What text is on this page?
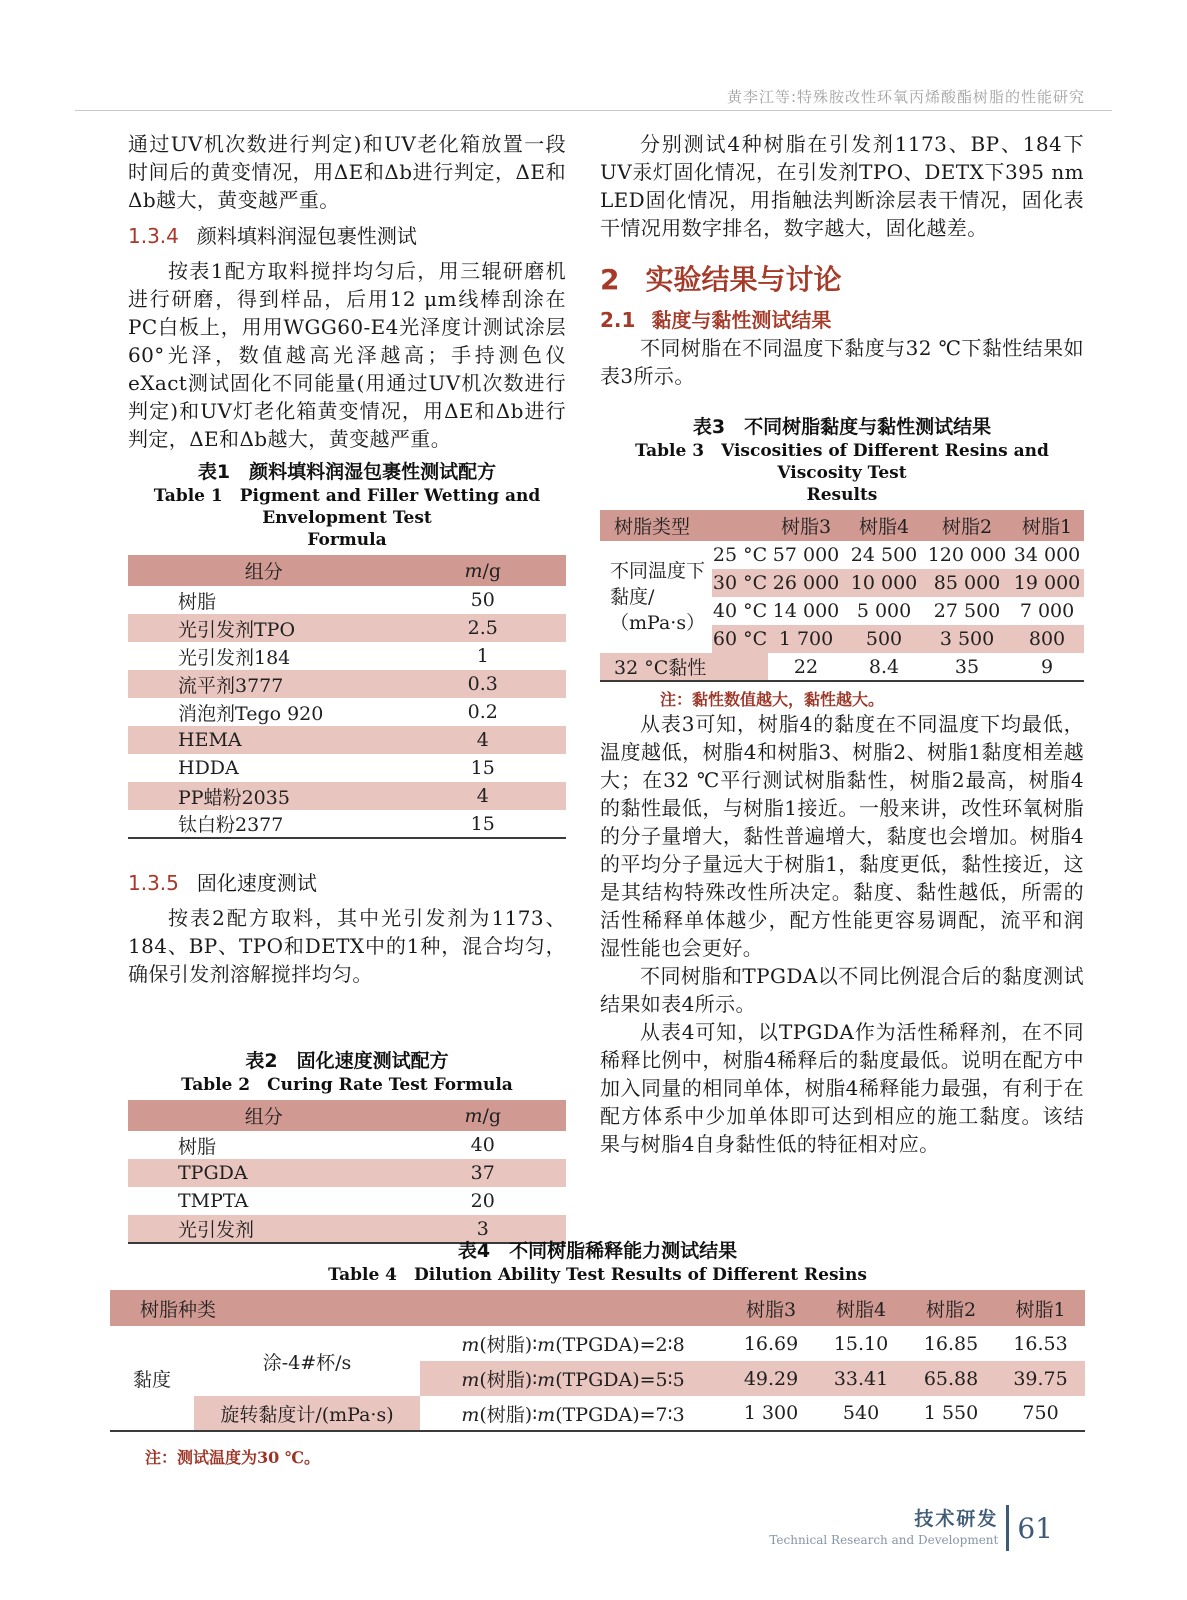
黄李江等:特殊胺改性环氧丙烯酸酯树脂的性能研究

通过UV机次数进行判定)和UV老化箱放置一段时间后的黄变情况，用ΔE和Δb进行判定，ΔE和Δb越大，黄变越严重。

1.3.4 颜料填料润湿包裹性测试

按表1配方取料搅拌均匀后，用三辊研磨机进行研磨，得到样品，后用12 μm线棒刮涂在PC白板上，用用WGG60-E4光泽度计测试涂层60°光泽，数值越高光泽越高；手持测色仪eXact测试固化不同能量(用通过UV机次数进行判定)和UV灯老化箱黄变情况，用ΔE和Δb进行判定，ΔE和Δb越大，黄变越严重。

表1　颜料填料润湿包裹性测试配方
Table 1　Pigment and Filler Wetting and Envelopment Test
Formula
组分	m/g
树脂	50
光引发剂TPO	2.5
光引发剂184	1
流平剂3777	0.3
消泡剂Tego 920	0.2
HEMA	4
HDDA	15
PP蜡粉2035	4
钛白粉2377	15
1.3.5 固化速度测试

按表2配方取料，其中光引发剂为1173、184、BP、TPO和DETX中的1种，混合均匀，确保引发剂溶解搅拌均匀。

表2　固化速度测试配方
Table 2　Curing Rate Test Formula
组分	m/g
树脂	40
TPGDA	37
TMPTA	20
光引发剂	3

分别测试4种树脂在引发剂1173、BP、184下UV汞灯固化情况，在引发剂TPO、DETX下395 nm LED固化情况，用指触法判断涂层表干情况，固化表干情况用数字排名，数字越大，固化越差。

2 实验结果与讨论
2.1 黏度与黏性测试结果

不同树脂在不同温度下黏度与32 ℃下黏性结果如表3所示。

表3　不同树脂黏度与黏性测试结果
Table 3　Viscosities of Different Resins and Viscosity Test
Results
树脂类型		树脂3	树脂4	树脂2	树脂1
不同温度下黏度/（mPa·s）	25 °C	57 000	24 500	120 000	34 000
	30 °C	26 000	10 000	85 000	19 000
	40 °C	14 000	5 000	27 500	7 000
	60 °C	1 700	500	3 500	800
32 °C黏性		22	8.4	35	9
注：黏性数值越大，黏性越大。

从表3可知，树脂4的黏度在不同温度下均最低，温度越低，树脂4和树脂3、树脂2、树脂1黏度相差越大；在32 ℃平行测试树脂黏性，树脂2最高，树脂4的黏性最低，与树脂1接近。一般来讲，改性环氧树脂的分子量增大，黏性普遍增大，黏度也会增加。树脂4的平均分子量远大于树脂1，黏度更低，黏性接近，这是其结构特殊改性所决定。黏度、黏性越低，所需的活性稀释单体越少，配方性能更容易调配，流平和润湿性能也会更好。

不同树脂和TPGDA以不同比例混合后的黏度测试结果如表4所示。

从表4可知，以TPGDA作为活性稀释剂，在不同稀释比例中，树脂4稀释后的黏度最低。说明在配方中加入同量的相同单体，树脂4稀释能力最强，有利于在配方体系中少加单体即可达到相应的施工黏度。该结果与树脂4自身黏性低的特征相对应。

表4　不同树脂稀释能力测试结果
Table 4　Dilution Ability Test Results of Different Resins
树脂种类			树脂3	树脂4	树脂2	树脂1
黏度	涂-4#杯/s	m(树脂)∶m(TPGDA)=2∶8	16.69	15.10	16.85	16.53
		m(树脂)∶m(TPGDA)=5∶5	49.29	33.41	65.88	39.75
	旋转黏度计/(mPa·s)	m(树脂)∶m(TPGDA)=7∶3	1 300	540	1 550	750
注：测试温度为30 ℃。
技术研发
Technical Research and Development 61
